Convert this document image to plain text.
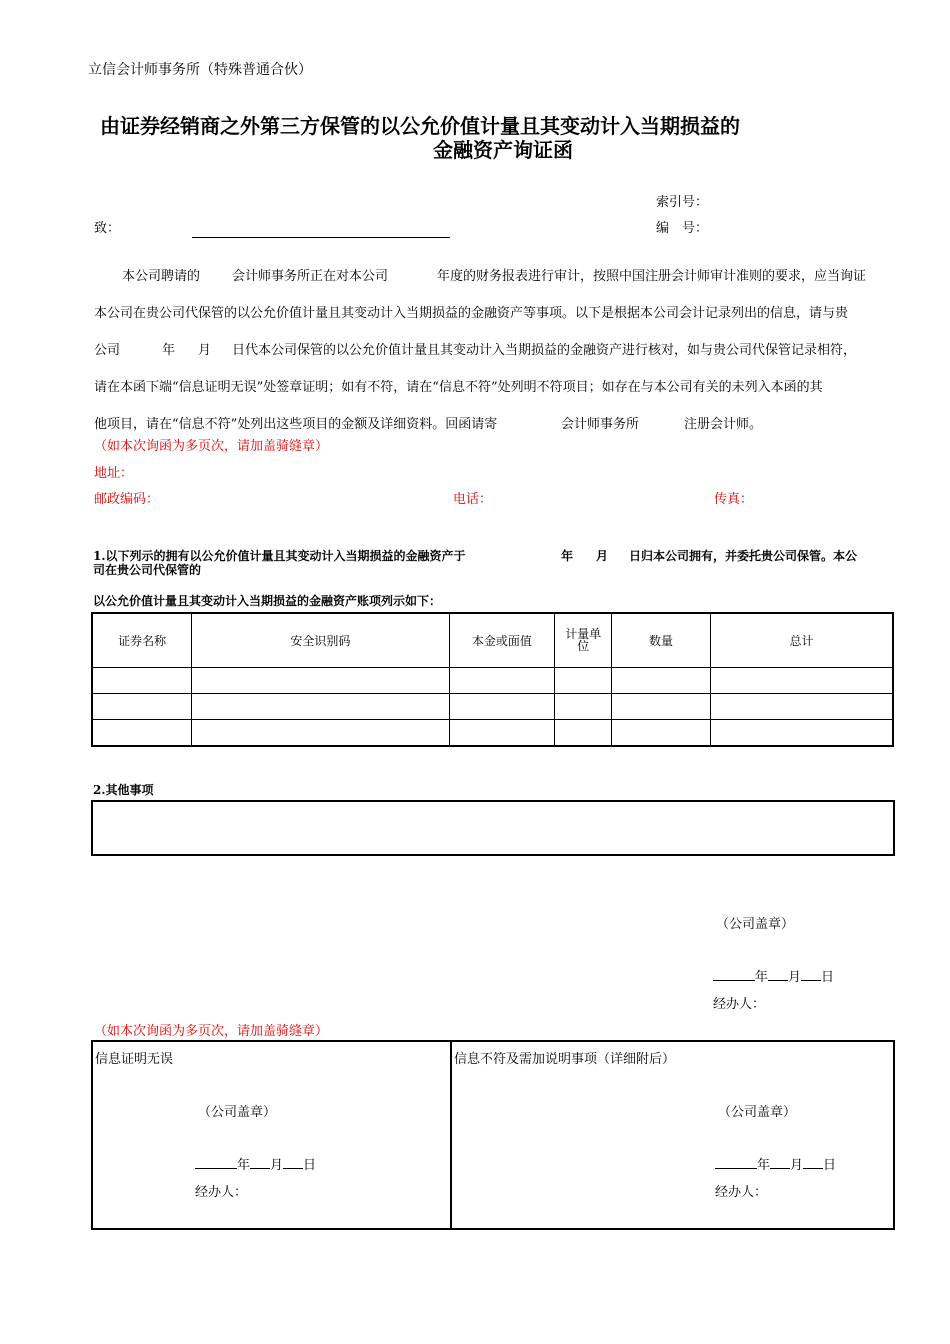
立信会计师事务所（特殊普通合伙）
由证券经销商之外第三方保管的以公允价值计量且其变动计入当期损益的
金融资产询证函
索引号：
编　号：
致：
本公司聘请的 会计师事务所正在对本公司	年度的财务报表进行审计，按照中国注册会计师审计准则的要求，应当询证
本公司在贵公司代保管的以公允价值计量且其变动计入当期损益的金融资产等事项。以下是根据本公司会计记录列出的信息，请与贵
公司	年 月 日代本公司保管的以公允价值计量且其变动计入当期损益的金融资产进行核对，如与贵公司代保管记录相符，
请在本函下端“信息证明无误”处签章证明；如有不符，请在“信息不符”处列明不符项目；如存在与本公司有关的未列入本函的其
他项目，请在“信息不符”处列出这些项目的金额及详细资料。回函请寄	会计师事务所	注册会计师。
（如本次询函为多页次，请加盖骑缝章）
地址：
邮政编码：	电话：	传真：
1.以下列示的拥有以公允价值计量且其变动计入当期损益的金融资产于	年 月 日归本公司拥有，并委托贵公司保管。本公
司在贵公司代保管的
以公允价值计量且其变动计入当期损益的金融资产账项列示如下：
证券名称	安全识别码	本金或面值	计量单位	数量	总计

2.其他事项
（公司盖章）
年 月 日
经办人：
（如本次询函为多页次，请加盖骑缝章）
信息证明无误
（公司盖章）
年 月 日
经办人：
信息不符及需加说明事项（详细附后）
（公司盖章）
年 月 日
经办人：
